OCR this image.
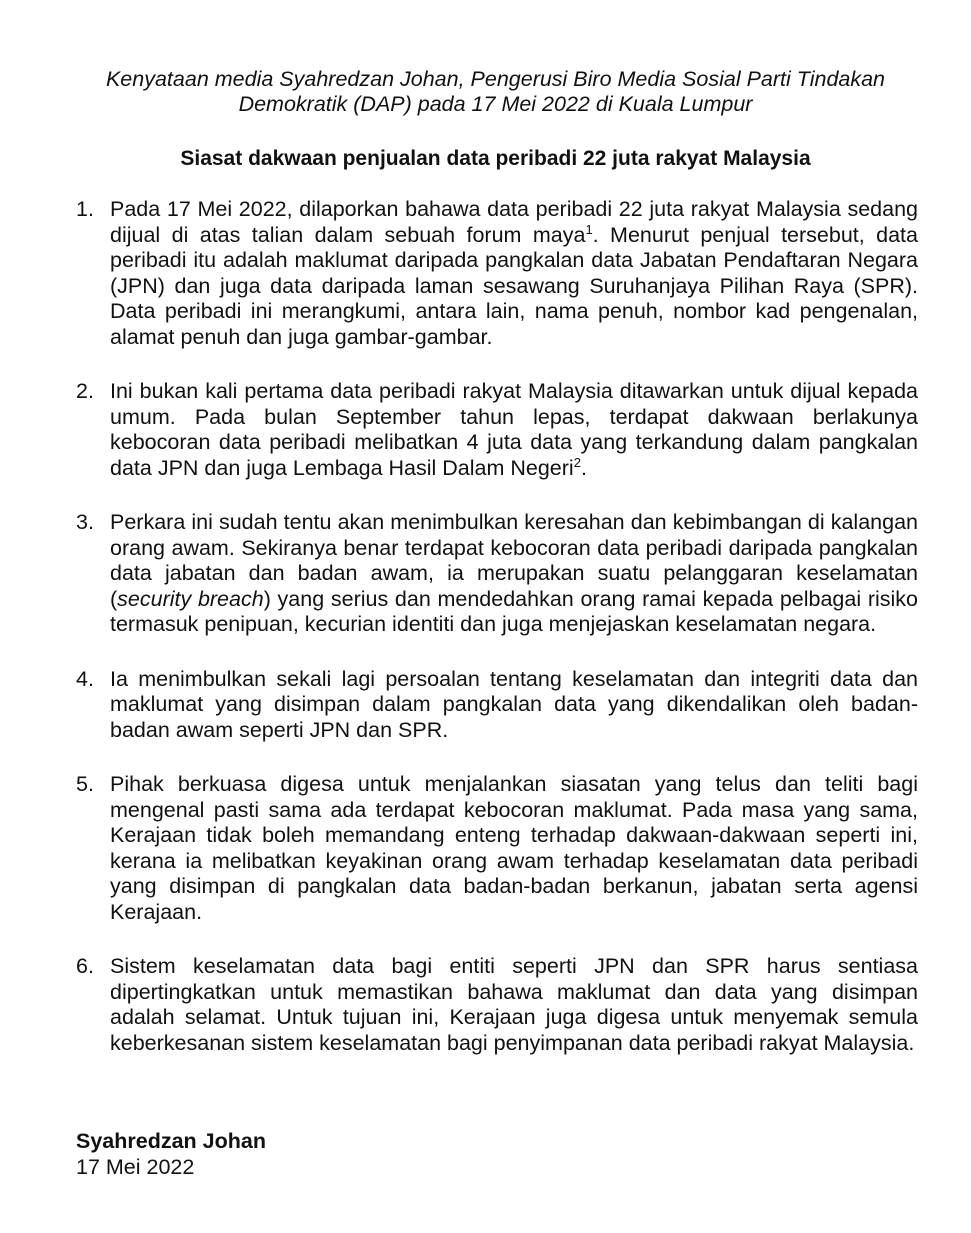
Kenyataan media Syahredzan Johan, Pengerusi Biro Media Sosial Parti Tindakan
Demokratik (DAP) pada 17 Mei 2022 di Kuala Lumpur
Siasat dakwaan penjualan data peribadi 22 juta rakyat Malaysia
1. Pada 17 Mei 2022, dilaporkan bahawa data peribadi 22 juta rakyat Malaysia sedang dijual di atas talian dalam sebuah forum maya$^1$. Menurut penjual tersebut, data peribadi itu adalah maklumat daripada pangkalan data Jabatan Pendaftaran Negara (JPN) dan juga data daripada laman sesawang Suruhanjaya Pilihan Raya (SPR). Data peribadi ini merangkumi, antara lain, nama penuh, nombor kad pengenalan, alamat penuh dan juga gambar-gambar.
2. Ini bukan kali pertama data peribadi rakyat Malaysia ditawarkan untuk dijual kepada umum. Pada bulan September tahun lepas, terdapat dakwaan berlakunya kebocoran data peribadi melibatkan 4 juta data yang terkandung dalam pangkalan data JPN dan juga Lembaga Hasil Dalam Negeri$^2$.
3. Perkara ini sudah tentu akan menimbulkan keresahan dan kebimbangan di kalangan orang awam. Sekiranya benar terdapat kebocoran data peribadi daripada pangkalan data jabatan dan badan awam, ia merupakan suatu pelanggaran keselamatan (security breach) yang serius dan mendedahkan orang ramai kepada pelbagai risiko termasuk penipuan, kecurian identiti dan juga menjejaskan keselamatan negara.
4. Ia menimbulkan sekali lagi persoalan tentang keselamatan dan integriti data dan maklumat yang disimpan dalam pangkalan data yang dikendalikan oleh badan-badan awam seperti JPN dan SPR.
5. Pihak berkuasa digesa untuk menjalankan siasatan yang telus dan teliti bagi mengenal pasti sama ada terdapat kebocoran maklumat. Pada masa yang sama, Kerajaan tidak boleh memandang enteng terhadap dakwaan-dakwaan seperti ini, kerana ia melibatkan keyakinan orang awam terhadap keselamatan data peribadi yang disimpan di pangkalan data badan-badan berkanun, jabatan serta agensi Kerajaan.
6. Sistem keselamatan data bagi entiti seperti JPN dan SPR harus sentiasa dipertingkatkan untuk memastikan bahawa maklumat dan data yang disimpan adalah selamat. Untuk tujuan ini, Kerajaan juga digesa untuk menyemak semula keberkesanan sistem keselamatan bagi penyimpanan data peribadi rakyat Malaysia.
Syahredzan Johan
17 Mei 2022
